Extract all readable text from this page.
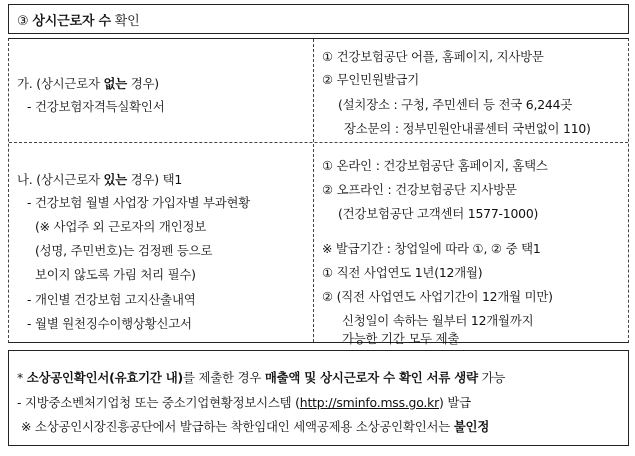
③ 상시근로자 수 확인
가. (상시근로자 없는 경우)
- 건강보험자격득실확인서
① 건강보험공단 어플, 홈페이지, 지사방문
② 무인민원발급기
(설치장소 : 구청, 주민센터 등 전국 6,244곳
장소문의 : 정부민원안내콜센터 국번없이 110)
나. (상시근로자 있는 경우) 택1
- 건강보험 월별 사업장 가입자별 부과현황
(※ 사업주 외 근로자의 개인정보
(성명, 주민번호)는 검정펜 등으로
보이지 않도록 가림 처리 필수)
- 개인별 건강보험 고지산출내역
- 월별 원천징수이행상황신고서
① 온라인 : 건강보험공단 홈페이지, 홈택스
② 오프라인 : 건강보험공단 지사방문
(건강보험공단 고객센터 1577-1000)
※ 발급기간 : 창업일에 따라 ①, ② 중 택1
① 직전 사업연도 1년(12개월)
② (직전 사업연도 사업기간이 12개월 미만)
신청일이 속하는 월부터 12개월까지
가능한 기간 모두 제출
* 소상공인확인서(유효기간 내)를 제출한 경우 매출액 및 상시근로자 수 확인 서류 생략 가능
- 지방중소벤처기업청 또는 중소기업현황정보시스템 (http://sminfo.mss.go.kr) 발급
※ 소상공인시장진흥공단에서 발급하는 착한임대인 세액공제용 소상공인확인서는 불인정
